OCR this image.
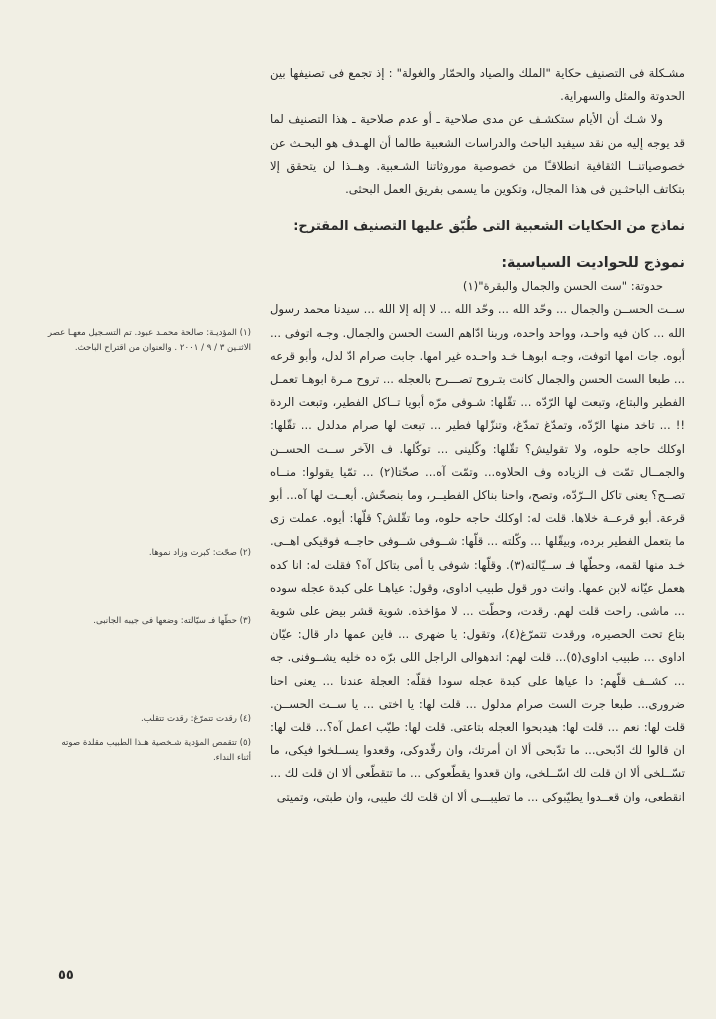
مشـكلة فى التصنيف حكاية "الملك والصياد والحمّار والغولة" : إذ تجمع فى تصنيفها بين الحدوتة والمثل والسهراية.

ولا شـك أن الأيام ستكشـف عن مدى صلاحية ـ أو عدم صلاحية ـ هذا التصنيف لما قد يوجه إليه من نقد سيفيد الباحث والدراسات الشعبية طالما أن الهـدف هو البحـث عن خصوصياتنــا الثقافية انطلاقـًا من خصوصية موروثاتنا الشـعبية. وهــذا لن يتحقق إلا بتكاتف الباحثـين فى هذا المجال، وتكوين ما يسمى بفريق العمل البحثى.

نماذج من الحكايات الشعبية التى طُبّق عليها التصنيف المقترح:

نموذج للحواديت السياسية:

حدوتة: "ست الحسن والجمال والبقرة"(١)

ســت الحســن والجمال ... وحّد الله ... وحّد الله ... لا إله إلا الله ... سيدنا محمد رسول الله ... كان فيه واحـد، وواحد واحده، وربنا ادّاهم الست الحسن والجمال. وجـه اتوفى ... أبوه. جات امها اتوفت، وجـه ابوهـا خـد واحـده غير امها. جابت صرام ادّ لدل، وأبو قرعه ... طبعا الست الحسن والجمال كانت بتـروح تصـــرح بالعجله ... تروح مـرة ابوهـا تعمـل الفطير والبتاع، وتبعت لها الرّدّه ... تقّلها: شـوفى مرّه أبويا تــاكل الفطير، وتبعت الردة !! ... تاخد منها الرّدّه، وتمدّغ تمدّغ، وتنزّلها فطير ... تبعت لها صرام مدلدل ... تقّلها: اوكلك حاجه حلوه، ولا تقوليش؟ تقّلها: وكّلينى ... توكّلها. ف الآخر ســت الحســن والجمــال تمّت ف الزياده وف الحلاوه... وتمّت آه... صحّتا(٢) ... تمّيا يقولوا: منــاه تصــح؟ يعنى تاكل الــرّدّه، وتصح، واحنا بناكل الفطيــر، وما بنصحّش. أبعــت لها آه... أبو قرعة. أبو قرعــة خلاها. قلت له: اوكلك حاجه حلوه، وما تقّلش؟ قلّها: أيوه. عملت زى ما بتعمل الفطير برده، وبيقّلها ... وكّلته ... قلّها: شــوفى شــوفى حاجــه فوقيكى اهــى. خـد منها لقمه، وحطّها فـ ســيّالته(٣). وقلّها: شوفى يا أمى بتاكل آه؟ فقلت له: انا كده هعمل عيّانه لابن عمها. وانت دور قول طبيب اداوى، وقول: عياهـا على كبدة عجله سوده ... ماشى. راحت قلت لهم. رقدت، وحطّت ... لا مؤاخذه. شوية قشر بيض على شوية بتاع تحت الحصيره، ورقدت تتمرّغ(٤)، وتقول: يا ضهرى ... فاين عمها دار قال: عيّان اداوى ... طبيب اداوى(٥)... قلت لهم: اندهوالى الراجل اللى برّه ده خليه يشــوفنى. جه ... كشــف قلّهم: دا عياها على كبدة عجله سودا فقلّه: العجلة عندنا ... يعنى احنا ضرورى... طبعا جرت الست صرام مدلول ... قلت لها: يا اختى ... يا ســت الحســن. قلت لها: نعم ... قلت لها: هيدبحوا العجله بتاعتى. قلت لها: طيّب اعمل آه؟... قلت لها: ان قالوا لك ادّبحى... ما تدّبحى ألا ان أمرتك، وان رقّدوكى، وقعدوا يســلخوا فيكى، ما تسّــلخى ألا ان قلت لك اسّــلخى، وان قعدوا يقطّعوكى ... ما تتقطّعى ألا ان قلت لك ... انقطعى، وان قعــدوا يطيّبوكى ... ما تطيبـــى ألا ان قلت لك طيبى، وان طبتى، وتميتى

(١) المؤديـة: صالحة محمـد عبود. تم التسـجيل معهـا عصر الاثنـين ٣ / ٩ / ٢٠٠١ . والعنوان من اقتراح الباحث.

(٢) صحّت: كبرت وزاد نموها.

(٣) حطّها فـ سيّالته: وضعها فى جيبه الجانبى.

(٤) رقدت تتمرّغ: رقدت تتقلب.

(٥) تتقمص المؤدية شـخصية هـذا الطبيب مقلدة صوته أثناء النداء.

٥٥
